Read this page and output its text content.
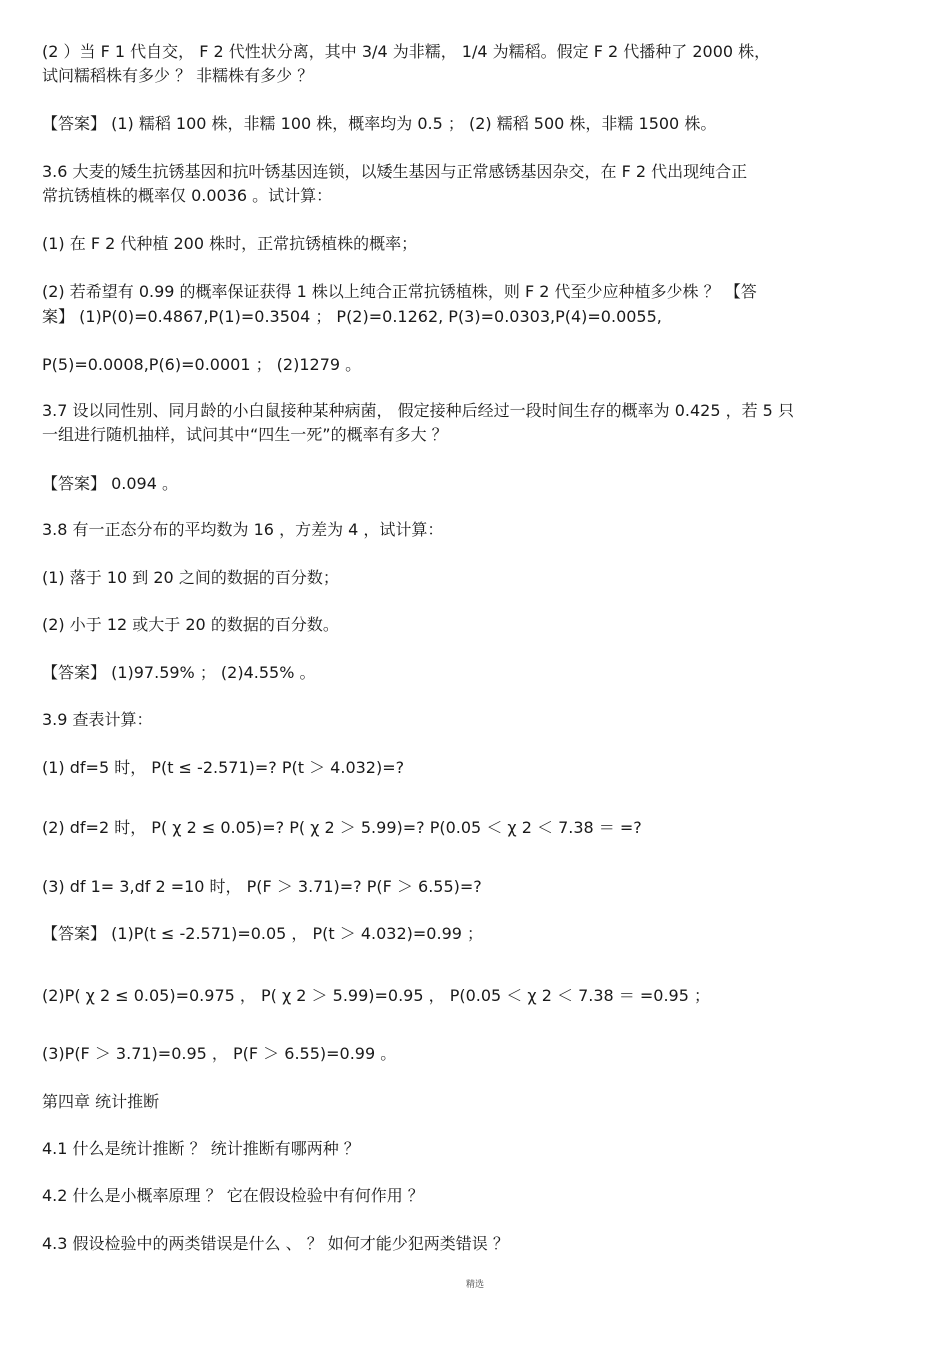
(2 ）当 F 1 代自交， F 2 代性状分离，其中 3/4 为非糯， 1/4 为糯稻。假定 F 2 代播种了 2000 株，
试问糯稻株有多少 ？ 非糯株有多少 ？
【答案】 (1) 糯稻 100 株，非糯 100 株，概率均为 0.5 ； (2) 糯稻 500 株，非糯 1500 株。
3.6 大麦的矮生抗锈基因和抗叶锈基因连锁，以矮生基因与正常感锈基因杂交，在 F 2 代出现纯合正
常抗锈植株的概率仅 0.0036 。试计算：
(1) 在 F 2 代种植 200 株时，正常抗锈植株的概率；
(2) 若希望有 0.99 的概率保证获得 1 株以上纯合正常抗锈植株，则 F 2 代至少应种植多少株 ？ 【答
案】 (1)P(0)=0.4867,P(1)=0.3504 ； P(2)=0.1262, P(3)=0.0303,P(4)=0.0055,
P(5)=0.0008,P(6)=0.0001 ； (2)1279 。
3.7 设以同性别、同月龄的小白鼠接种某种病菌， 假定接种后经过一段时间生存的概率为 0.425 ，若 5 只
一组进行随机抽样，试问其中“四生一死”的概率有多大 ？
【答案】 0.094 。
3.8 有一正态分布的平均数为 16 ，方差为 4 ，试计算：
(1) 落于 10 到 20 之间的数据的百分数；
(2) 小于 12 或大于 20 的数据的百分数。
【答案】 (1)97.59% ； (2)4.55% 。
3.9 查表计算：
(1) df=5 时， P(t ≤ -2.571)=? P(t ＞ 4.032)=?
(2) df=2 时， P( χ 2 ≤ 0.05)=? P( χ 2 ＞ 5.99)=? P(0.05 ＜ χ 2 ＜ 7.38 ＝ =?
(3) df 1= 3,df 2 =10 时， P(F ＞ 3.71)=? P(F ＞ 6.55)=?
【答案】 (1)P(t ≤ -2.571)=0.05 ， P(t ＞ 4.032)=0.99 ；
(2)P( χ 2 ≤ 0.05)=0.975 ， P( χ 2 ＞ 5.99)=0.95 ， P(0.05 ＜ χ 2 ＜ 7.38 ＝ =0.95 ；
(3)P(F ＞ 3.71)=0.95 ， P(F ＞ 6.55)=0.99 。
第四章 统计推断
4.1 什么是统计推断 ？ 统计推断有哪两种 ？
4.2 什么是小概率原理 ？ 它在假设检验中有何作用 ？
4.3 假设检验中的两类错误是什么 、 ？ 如何才能少犯两类错误 ？
精选
